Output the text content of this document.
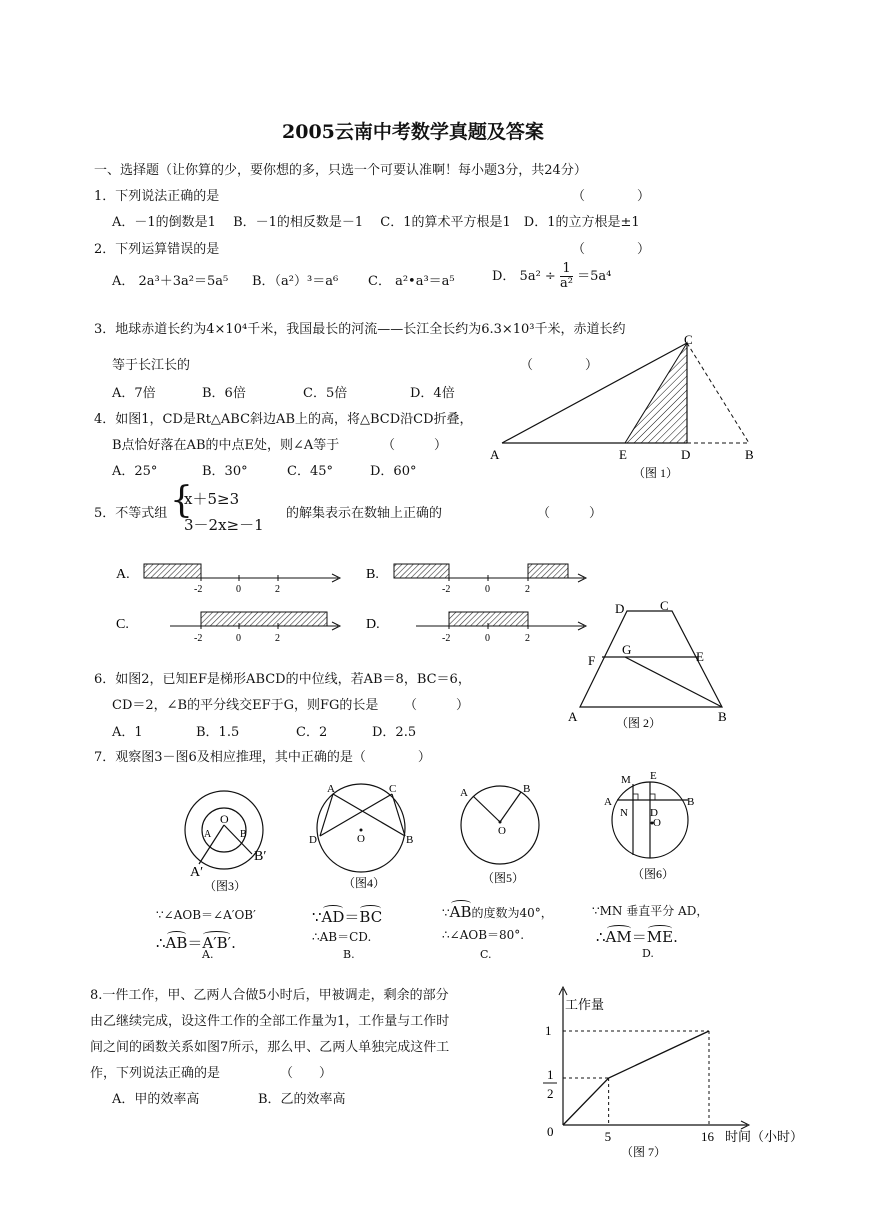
2005云南中考数学真题及答案
一、选择题（让你算的少，要你想的多，只选一个可要认准啊！每小题3分，共24分）
1．下列说法正确的是	（　　　　）
A．－1的倒数是1　 B．－1的相反数是－1　 C．1的算术平方根是1　D．1的立方根是±1
2．下列运算错误的是	（　　　　）
A． 2a³＋3a²＝5a⁵ B．（a²）³＝a⁶ C． a²•a³＝a⁵	D． $5a^2 \div \frac{1}{\text{a²}} =5a^4$
3．地球赤道长约为4×10⁴千米，我国最长的河流——长江全长约为6.3×10³千米，赤道长约
等于长江长的	（　　　　）
A．7倍	B．6倍	C．5倍	D．4倍
4．如图1，CD是Rt△ABC斜边AB上的高，将△BCD沿CD折叠，
B点恰好落在AB的中点E处，则∠A等于	（　　　）
A．25°	B．30°	C．45°	D．60°
A	E	D	B
C
（图 1）
5．不等式组 {
x＋5≥3
3－2x≥－1
的解集表示在数轴上正确的	（　　　）
A.
-2	0	2
B.
-2	0	2
C.
-2	0	2
D.
-2	0	2
D	C
F
G	E
A	B
（图 2）
6．如图2，已知EF是梯形ABCD的中位线，若AB＝8，BC＝6，
CD＝2，∠B的平分线交EF于G，则FG的长是 （　　　）
A．1	B．1.5	C．2	D．2.5
7．观察图3－图6及相应推理，其中正确的是（　　　　）
O
A	B
A′
B′
（图3）
A	C
O
D	B
（图4）
A	B
O
（图5）
M E
A	B
N D
O
（图6）
∵∠AOB＝∠A′OB′
∴AB＝A′B′.
A.
∵AD＝BC
∴AB＝CD.
B.
∵AB的度数为40°，
∴∠AOB＝80°.
C.
∵MN 垂直平分 AD，
∴AM＝ME.
D.
8.一件工作，甲、乙两人合做5小时后，甲被调走，剩余的部分
由乙继续完成，设这件工作的全部工作量为1，工作量与工作时
间之间的函数关系如图7所示，那么甲、乙两人单独完成这件工
作，下列说法正确的是	（　　）
A．甲的效率高	B．乙的效率高
工作量
1
1
2
0	5	16 时间（小时）
（图 7）
